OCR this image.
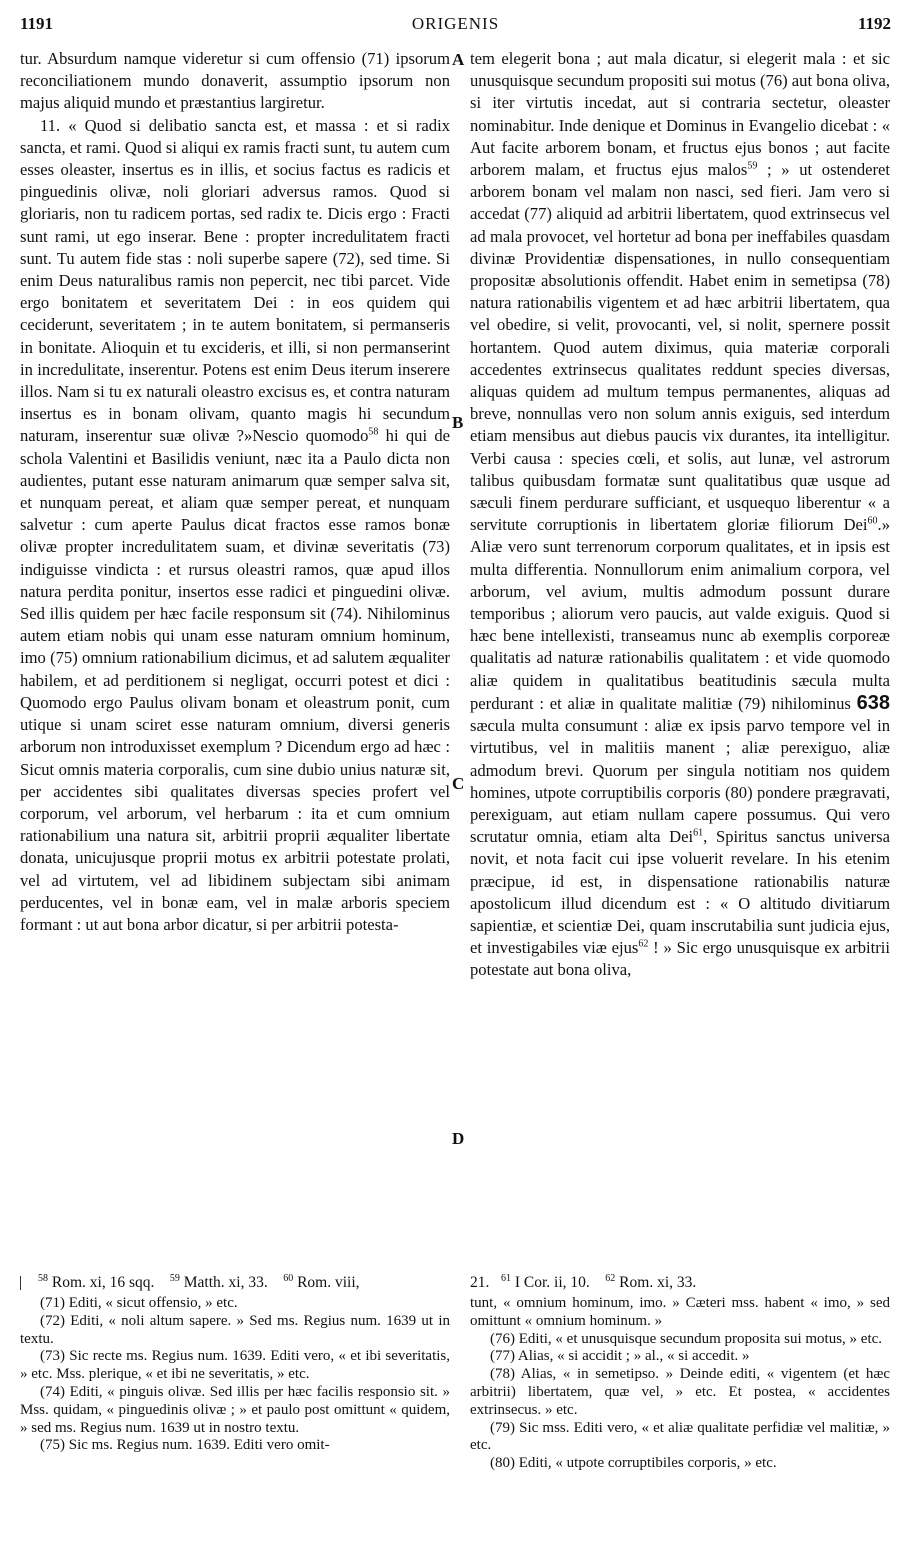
1191	ORIGENIS	1192
A
B
C
D

tur. Absurdum namque videretur si cum offensio (71) ipsorum reconciliationem mundo donaverit, assumptio ipsorum non majus aliquid mundo et præstantius largiretur.

11. « Quod si delibatio sancta est, et massa : et si radix sancta, et rami. Quod si aliqui ex ramis fracti sunt, tu autem cum esses oleaster, insertus es in illis, et socius factus es radicis et pinguedinis olivæ, noli gloriari adversus ramos. Quod si gloriaris, non tu radicem portas, sed radix te. Dicis ergo : Fracti sunt rami, ut ego inserar. Bene : propter incredulitatem fracti sunt. Tu autem fide stas : noli superbe sapere (72), sed time. Si enim Deus naturalibus ramis non pepercit, nec tibi parcet. Vide ergo bonitatem et severitatem Dei : in eos quidem qui ceciderunt, severitatem ; in te autem bonitatem, si permanseris in bonitate. Alioquin et tu excideris, et illi, si non permanserint in incredulitate, inserentur. Potens est enim Deus iterum inserere illos. Nam si tu ex naturali oleastro excisus es, et contra naturam insertus es in bonam olivam, quanto magis hi secundum naturam, inserentur suæ olivæ ?»Nescio quomodo$^{58}$ hi qui de schola Valentini et Basilidis veniunt, næc ita a Paulo dicta non audientes, putant esse naturam animarum quæ semper salva sit, et nunquam pereat, et aliam quæ semper pereat, et nunquam salvetur : cum aperte Paulus dicat fractos esse ramos bonæ olivæ propter incredulitatem suam, et divinæ severitatis (73) indiguisse vindicta : et rursus oleastri ramos, quæ apud illos natura perdita ponitur, insertos esse radici et pinguedini olivæ. Sed illis quidem per hæc facile responsum sit (74). Nihilominus autem etiam nobis qui unam esse naturam omnium hominum, imo (75) omnium rationabilium dicimus, et ad salutem æqualiter habilem, et ad perditionem si negligat, occurri potest et dici : Quomodo ergo Paulus olivam bonam et oleastrum ponit, cum utique si unam sciret esse naturam omnium, diversi generis arborum non introduxisset exemplum ? Dicendum ergo ad hæc : Sicut omnis materia corporalis, cum sine dubio unius naturæ sit, per accidentes sibi qualitates diversas species profert vel corporum, vel arborum, vel herbarum : ita et cum omnium rationabilium una natura sit, arbitrii proprii æqualiter libertate donata, unicujusque proprii motus ex arbitrii potestate prolati, vel ad virtutem, vel ad libidinem subjectam sibi animam perducentes, vel in bonæ eam, vel in malæ arboris speciem formant : ut aut bona arbor dicatur, si per arbitrii potesta-

tem elegerit bona ; aut mala dicatur, si elegerit mala : et sic unusquisque secundum propositi sui motus (76) aut bona oliva, si iter virtutis incedat, aut si contraria sectetur, oleaster nominabitur. Inde denique et Dominus in Evangelio dicebat : « Aut facite arborem bonam, et fructus ejus bonos ; aut facite arborem malam, et fructus ejus malos$^{59}$ ; » ut ostenderet arborem bonam vel malam non nasci, sed fieri. Jam vero si accedat (77) aliquid ad arbitrii libertatem, quod extrinsecus vel ad mala provocet, vel hortetur ad bona per ineffabiles quasdam divinæ Providentiæ dispensationes, in nullo consequentiam propositæ absolutionis offendit. Habet enim in semetipsa (78) natura rationabilis vigentem et ad hæc arbitrii libertatem, qua vel obedire, si velit, provocanti, vel, si nolit, spernere possit hortantem. Quod autem diximus, quia materiæ corporali accedentes extrinsecus qualitates reddunt species diversas, aliquas quidem ad multum tempus permanentes, aliquas ad breve, nonnullas vero non solum annis exiguis, sed interdum etiam mensibus aut diebus paucis vix durantes, ita intelligitur. Verbi causa : species cœli, et solis, aut lunæ, vel astrorum talibus quibusdam formatæ sunt qualitatibus quæ usque ad sæculi finem perdurare sufficiant, et usquequo liberentur « a servitute corruptionis in libertatem gloriæ filiorum Dei$^{60}$.» Aliæ vero sunt terrenorum corporum qualitates, et in ipsis est multa differentia. Nonnullorum enim animalium corpora, vel arborum, vel avium, multis admodum possunt durare temporibus ; aliorum vero paucis, aut valde exiguis. Quod si hæc bene intellexisti, transeamus nunc ab exemplis corporeæ qualitatis ad naturæ rationabilis qualitatem : et vide quomodo aliæ quidem in qualitatibus beatitudinis sæcula multa perdurant : et aliæ in qualitate malitiæ (79) nihilominus 638 sæcula multa consumunt : aliæ ex ipsis parvo tempore vel in virtutibus, vel in malitiis manent ; aliæ perexiguo, aliæ admodum brevi. Quorum per singula notitiam nos quidem homines, utpote corruptibilis corporis (80) pondere prægravati, perexiguam, aut etiam nullam capere possumus. Qui vero scrutatur omnia, etiam alta Dei$^{61}$, Spiritus sanctus universa novit, et nota facit cui ipse voluerit revelare. In his etenim præcipue, id est, in dispensatione rationabilis naturæ apostolicum illud dicendum est : « O altitudo divitiarum sapientiæ, et scientiæ Dei, quam inscrutabilia sunt judicia ejus, et investigabiles viæ ejus$^{62}$ ! » Sic ergo unusquisque ex arbitrii potestate aut bona oliva,

$^{58}$ Rom. xi, 16 sqq. $^{59}$ Matth. xi, 33. $^{60}$ Rom. viii,	21. $^{61}$ I Cor. ii, 10. $^{62}$ Rom. xi, 33.

(71) Editi, « sicut offensio, » etc.

(72) Editi, « noli altum sapere. » Sed ms. Regius num. 1639 ut in textu.

(73) Sic recte ms. Regius num. 1639. Editi vero, « et ibi severitatis, » etc. Mss. plerique, « et ibi ne severitatis, » etc.

(74) Editi, « pinguis olivæ. Sed illis per hæc facilis responsio sit. » Mss. quidam, « pinguedinis olivæ ; » et paulo post omittunt « quidem, » sed ms. Regius num. 1639 ut in nostro textu.

(75) Sic ms. Regius num. 1639. Editi vero omit-

tunt, « omnium hominum, imo. » Cæteri mss. habent « imo, » sed omittunt « omnium hominum. »

(76) Editi, « et unusquisque secundum proposita sui motus, » etc.

(77) Alias, « si accidit ; » al., « si accedit. »

(78) Alias, « in semetipso. » Deinde editi, « vigentem (et hæc arbitrii) libertatem, quæ vel, » etc. Et postea, « accidentes extrinsecus. » etc.

(79) Sic mss. Editi vero, « et aliæ qualitate perfidiæ vel malitiæ, » etc.

(80) Editi, « utpote corruptibiles corporis, » etc.
